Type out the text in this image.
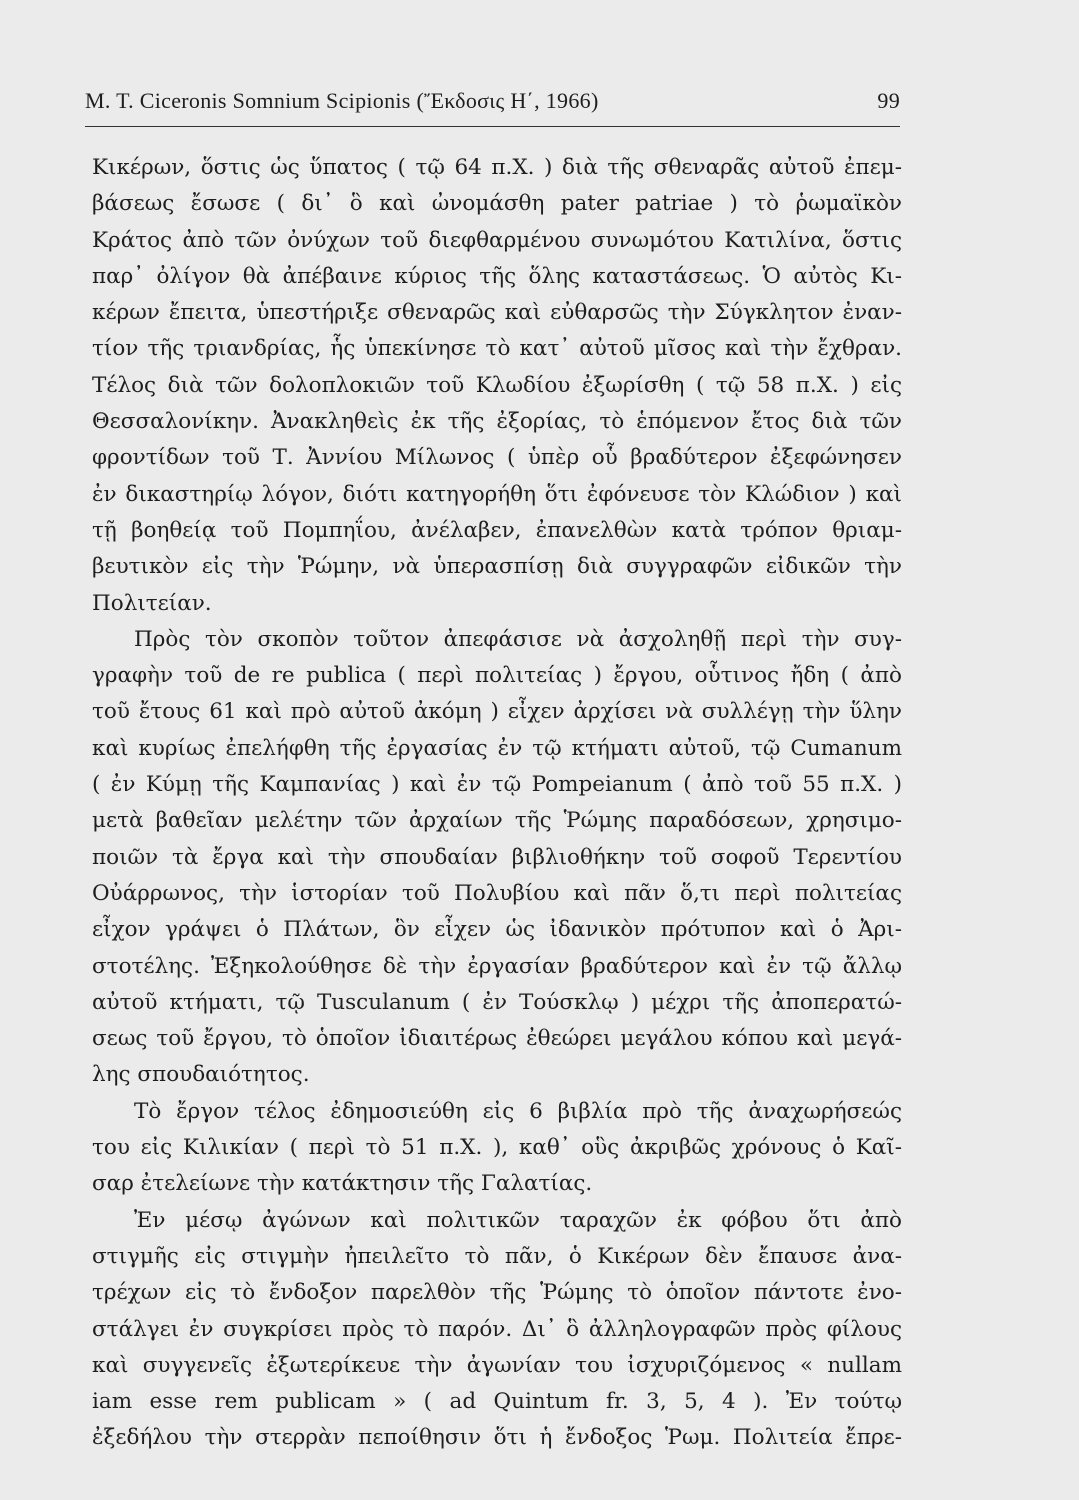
M. T. Ciceronis Somnium Scipionis (Ἔκδοσις Η΄, 1966)	99
Κικέρων, ὅστις ὡς ὕπατος ( τῷ 64 π.Χ. ) διὰ τῆς σθεναρᾶς αὐτοῦ ἐπεμ-
βάσεως ἔσωσε ( δι᾽ ὃ καὶ ὠνομάσθη pater patriae ) τὸ ῥωμαϊκὸν
Κράτος ἀπὸ τῶν ὀνύχων τοῦ διεφθαρμένου συνωμότου Κατιλίνα, ὅστις
παρ᾽ ὀλίγον θὰ ἀπέβαινε κύριος τῆς ὅλης καταστάσεως. Ὁ αὐτὸς Κι-
κέρων ἔπειτα, ὑπεστήριξε σθεναρῶς καὶ εὐθαρσῶς τὴν Σύγκλητον ἐναν-
τίον τῆς τριανδρίας, ἧς ὑπεκίνησε τὸ κατ᾽ αὐτοῦ μῖσος καὶ τὴν ἔχθραν.
Τέλος διὰ τῶν δολοπλοκιῶν τοῦ Κλωδίου ἐξωρίσθη ( τῷ 58 π.Χ. ) εἰς
Θεσσαλονίκην. Ἀνακληθεὶς ἐκ τῆς ἐξορίας, τὸ ἑπόμενον ἔτος διὰ τῶν
φροντίδων τοῦ Τ. Ἀννίου Μίλωνος ( ὑπὲρ οὗ βραδύτερον ἐξεφώνησεν
ἐν δικαστηρίῳ λόγον, διότι κατηγορήθη ὅτι ἐφόνευσε τὸν Κλώδιον ) καὶ
τῇ βοηθείᾳ τοῦ Πομπηΐου, ἀνέλαβεν, ἐπανελθὼν κατὰ τρόπον θριαμ-
βευτικὸν εἰς τὴν Ῥώμην, νὰ ὑπερασπίσῃ διὰ συγγραφῶν εἰδικῶν τὴν
Πολιτείαν.
Πρὸς τὸν σκοπὸν τοῦτον ἀπεφάσισε νὰ ἀσχοληθῇ περὶ τὴν συγ-
γραφὴν τοῦ de re publica ( περὶ πολιτείας ) ἔργου, οὗτινος ἤδη ( ἀπὸ
τοῦ ἔτους 61 καὶ πρὸ αὐτοῦ ἀκόμη ) εἶχεν ἀρχίσει νὰ συλλέγῃ τὴν ὕλην
καὶ κυρίως ἐπελήφθη τῆς ἐργασίας ἐν τῷ κτήματι αὐτοῦ, τῷ Cumanum
( ἐν Κύμῃ τῆς Καμπανίας ) καὶ ἐν τῷ Pompeianum ( ἀπὸ τοῦ 55 π.Χ. )
μετὰ βαθεῖαν μελέτην τῶν ἀρχαίων τῆς Ῥώμης παραδόσεων, χρησιμο-
ποιῶν τὰ ἔργα καὶ τὴν σπουδαίαν βιβλιοθήκην τοῦ σοφοῦ Τερεντίου
Οὐάρρωνος, τὴν ἱστορίαν τοῦ Πολυβίου καὶ πᾶν ὅ,τι περὶ πολιτείας
εἶχον γράψει ὁ Πλάτων, ὃν εἶχεν ὡς ἰδανικὸν πρότυπον καὶ ὁ Ἀρι-
στοτέλης. Ἐξηκολούθησε δὲ τὴν ἐργασίαν βραδύτερον καὶ ἐν τῷ ἄλλῳ
αὐτοῦ κτήματι, τῷ Tusculanum ( ἐν Τούσκλῳ ) μέχρι τῆς ἀποπερατώ-
σεως τοῦ ἔργου, τὸ ὁποῖον ἰδιαιτέρως ἐθεώρει μεγάλου κόπου καὶ μεγά-
λης σπουδαιότητος.
Τὸ ἔργον τέλος ἐδημοσιεύθη εἰς 6 βιβλία πρὸ τῆς ἀναχωρήσεώς
του εἰς Κιλικίαν ( περὶ τὸ 51 π.Χ. ), καθ᾽ οὓς ἀκριβῶς χρόνους ὁ Καῖ-
σαρ ἐτελείωνε τὴν κατάκτησιν τῆς Γαλατίας.
Ἐν μέσῳ ἀγώνων καὶ πολιτικῶν ταραχῶν ἐκ φόβου ὅτι ἀπὸ
στιγμῆς εἰς στιγμὴν ἠπειλεῖτο τὸ πᾶν, ὁ Κικέρων δὲν ἔπαυσε ἀνα-
τρέχων εἰς τὸ ἔνδοξον παρελθὸν τῆς Ῥώμης τὸ ὁποῖον πάντοτε ἐνο-
στάλγει ἐν συγκρίσει πρὸς τὸ παρόν. Δι᾽ ὃ ἀλληλογραφῶν πρὸς φίλους
καὶ συγγενεῖς ἐξωτερίκευε τὴν ἀγωνίαν του ἰσχυριζόμενος « nullam
iam esse rem publicam » ( ad Quintum fr. 3, 5, 4 ). Ἐν τούτῳ
ἐξεδήλου τὴν στερρὰν πεποίθησιν ὅτι ἡ ἔνδοξος Ῥωμ. Πολιτεία ἔπρε-
